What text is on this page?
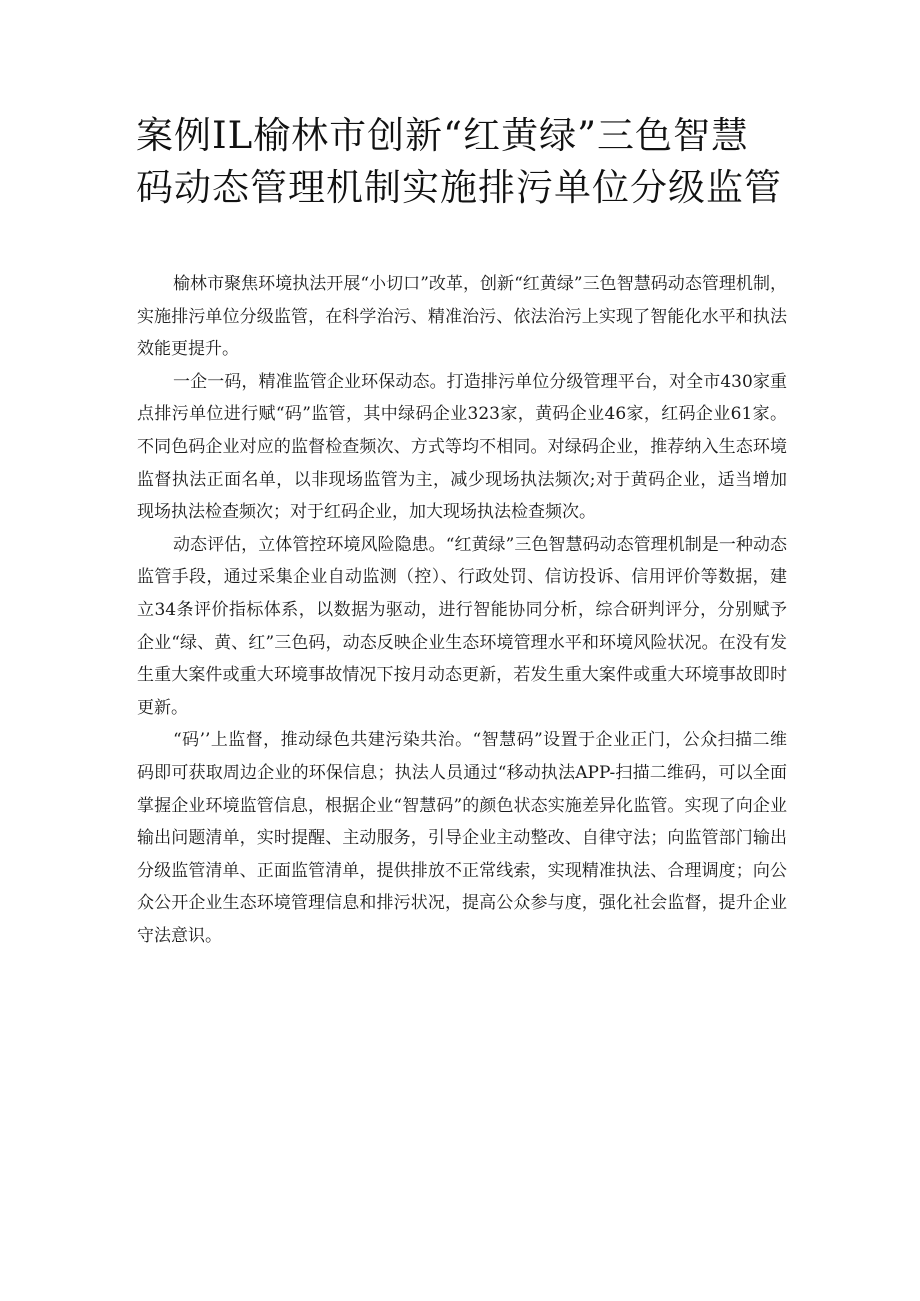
案例IL榆林市创新“红黄绿”三色智慧
码动态管理机制实施排污单位分级监管

榆林市聚焦环境执法开展“小切口”改革，创新“红黄绿”三色智慧码动态管理机制，实施排污单位分级监管，在科学治污、精准治污、依法治污上实现了智能化水平和执法效能更提升。

一企一码，精准监管企业环保动态。打造排污单位分级管理平台，对全市430家重点排污单位进行赋“码”监管，其中绿码企业323家，黄码企业46家，红码企业61家。不同色码企业对应的监督检查频次、方式等均不相同。对绿码企业，推荐纳入生态环境监督执法正面名单，以非现场监管为主，减少现场执法频次;对于黄码企业，适当增加现场执法检查频次；对于红码企业，加大现场执法检查频次。

动态评估，立体管控环境风险隐患。“红黄绿”三色智慧码动态管理机制是一种动态监管手段，通过采集企业自动监测（控）、行政处罚、信访投诉、信用评价等数据，建立34条评价指标体系，以数据为驱动，进行智能协同分析，综合研判评分，分别赋予企业“绿、黄、红”三色码，动态反映企业生态环境管理水平和环境风险状况。在没有发生重大案件或重大环境事故情况下按月动态更新，若发生重大案件或重大环境事故即时更新。

“码’’上监督，推动绿色共建污染共治。“智慧码”设置于企业正门，公众扫描二维码即可获取周边企业的环保信息；执法人员通过“移动执法APP-扫描二维码，可以全面掌握企业环境监管信息，根据企业“智慧码”的颜色状态实施差异化监管。实现了向企业输出问题清单，实时提醒、主动服务，引导企业主动整改、自律守法；向监管部门输出分级监管清单、正面监管清单，提供排放不正常线索，实现精准执法、合理调度；向公众公开企业生态环境管理信息和排污状况，提高公众参与度，强化社会监督，提升企业守法意识。
